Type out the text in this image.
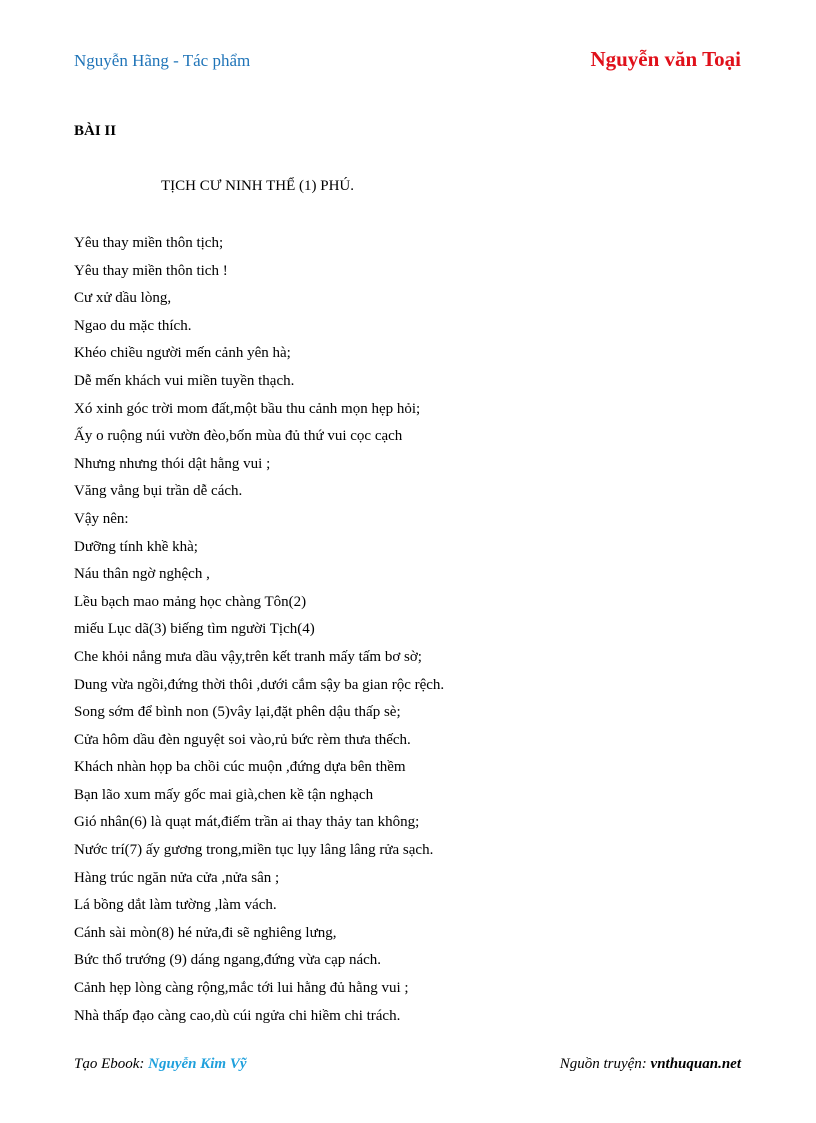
Nguyễn Hãng - Tác phẩm	Nguyễn văn Toại
BÀI II
TỊCH CƯ NINH THỂ (1) PHÚ.
Yêu thay miền thôn tịch;
Yêu thay miền thôn tich !
Cư xử dầu lòng,
Ngao du mặc thích.
Khéo chiều người mến cảnh yên hà;
Dễ mến khách vui miền tuyền thạch.
Xó xinh góc trời mom đất,một bầu thu cảnh mọn hẹp hỏi;
Ấy o ruộng núi vườn đèo,bốn mùa đủ thứ vui cọc cạch
Nhưng nhưng thói dật hằng vui ;
Văng vẳng bụi trần dễ cách.
Vậy nên:
Dưỡng tính khề khà;
Náu thân ngờ nghệch ,
Lều bạch mao mảng học chàng Tôn(2)
miếu Lục dã(3) biếng tìm người Tịch(4)
Che khỏi nắng mưa dầu vậy,trên kết tranh mấy tấm bơ sờ;
Dung vừa ngồi,đứng thời thôi ,dưới cắm sậy ba gian rộc rệch.
Song sớm để bình non (5)vây lại,đặt phên dậu thấp sè;
Cửa hôm dầu đèn nguyệt soi vào,rủ bức rèm thưa thếch.
Khách nhàn họp ba chồi cúc muộn ,đứng dựa bên thềm
Bạn lão xum mấy gốc mai già,chen kề tận nghạch
Gió nhân(6) là quạt mát,điếm trần ai thay thảy tan không;
Nước trí(7) ấy gương trong,miền tục lụy lâng lâng rửa sạch.
Hàng trúc ngăn nửa cửa ,nửa sân ;
Lá bồng dắt làm tường ,làm vách.
Cánh sài mòn(8) hé nửa,đi sẽ nghiêng lưng,
Bức thổ trướng (9) dáng ngang,đứng vừa cạp nách.
Cảnh hẹp lòng càng rộng,mắc tới lui hằng đủ hằng vui ;
Nhà thấp đạo càng cao,dù cúi ngửa chi hiềm chi trách.
Tạo Ebook: Nguyễn Kim Vỹ	Nguồn truyện: vnthuquan.net
